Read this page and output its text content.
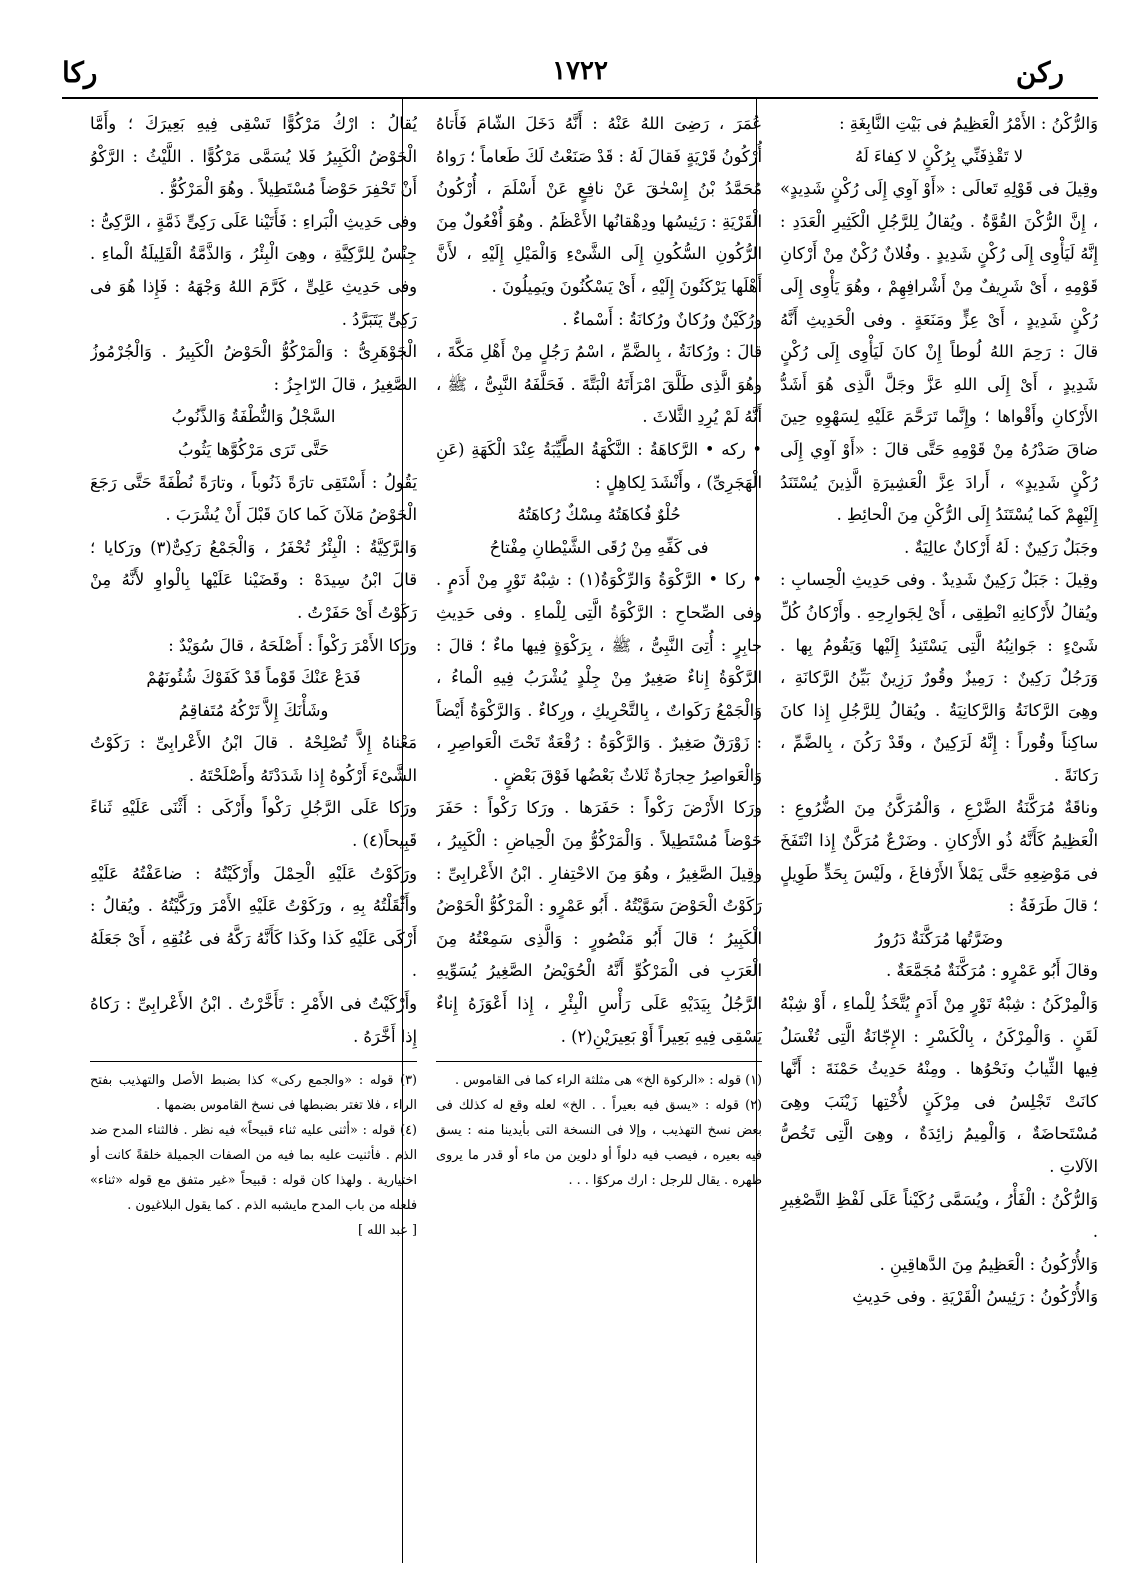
ركن
١٧٢٢
ركا

وَالرُّكْنُ : الأَمْرُ الْعَظِيمُ فى بَيْتِ النَّابِغَةِ :

لا تَقْذِفَنِّي بِرُكْنٍ لا كِفاءَ لَهُ

وقِيلَ فى قَوْلِهِ تَعالَى : «أَوْ آوِي إِلَى رُكْنٍ شَدِيدٍ» ، إِنَّ الرُّكْنَ القُوَّةُ . ويُقالُ لِلرَّجُلِ الْكَثِيرِ الْعَدَدِ : إِنَّهُ لَيَأْوِى إِلَى رُكْنٍ شَدِيدٍ . وفُلانٌ رُكْنٌ مِنْ أَرْكانِ قَوْمِهِ ، أَىْ شَرِيفٌ مِنْ أَشْرافِهِمْ ، وهُوَ يَأْوِى إِلَى رُكْنٍ شَدِيدٍ ، أَىْ عِزٍّ ومَنَعَةٍ . وفى الْحَدِيثِ أَنَّهُ قالَ : رَحِمَ اللهُ لُوطاً إِنْ كانَ لَيَأْوِى إِلَى رُكْنٍ شَدِيدٍ ، أَىْ إِلَى اللهِ عَزَّ وجَلَّ الَّذِى هُوَ أَشَدُّ الأَرْكانِ وأَقْواها ؛ وإِنَّما تَرَحَّمَ عَلَيْهِ لِسَهْوِهِ حِينَ ضاقَ صَدْرُهُ مِنْ قَوْمِهِ حَتَّى قالَ : «أَوْ آوِي إِلَى رُكْنٍ شَدِيدٍ» ، أَرادَ عِزَّ الْعَشِيرَةِ الَّذِينَ يُسْتَنَدُ إِلَيْهِمْ كَما يُسْتَنَدُ إِلَى الرُّكْنِ مِنَ الْحائِطِ .

وجَبَلٌ رَكِينٌ : لَهُ أَرْكانٌ عالِيَةٌ .

وقِيلَ : جَبَلٌ رَكِينٌ شَدِيدٌ . وفى حَدِيثِ الْحِسابِ : ويُقالُ لأَرْكانِهِ انْطِقِى ، أَىْ لِجَوارِحِهِ . وأَرْكانُ كُلِّ شَىْءٍ : جَوانِبُهُ الَّتِى يَسْتَنِدُ إِلَيْها وَيَقُومُ بِها . وَرَجُلٌ رَكِينٌ : رَمِيزٌ وقُورٌ رَزِينٌ بَيِّنُ الرَّكانَةِ ، وهِىَ الرَّكانَةُ وَالرَّكانِيَةُ . ويُقالُ لِلرَّجُلِ إِذا كانَ ساكِناً وقُوراً : إِنَّهُ لَرَكِينٌ ، وقَدْ رَكُنَ ، بِالضَّمِّ ، رَكانَةً .

وناقَةٌ مُرَكَّنَةُ الضَّرْعِ ، وَالْمُرَكَّنُ مِنَ الضُّرُوعِ : الْعَظِيمُ كَأَنَّهُ ذُو الأَرْكانِ . وضَرْعٌ مُرَكَّنٌ إِذا انْتَفَخَ فى مَوْضِعِهِ حَتَّى يَمْلأَ الأَرْفاغَ ، ولَيْسَ بِحَدٍّ طَوِيلٍ ؛ قالَ طَرَفَةُ :

وضَرَّتُها مُرَكَّنَةٌ دَرُورُ

وقالَ أَبُو عَمْرٍو : مُرَكَّنَةٌ مُجَمَّعَةٌ .

وَالْمِرْكَنُ : شِبْهُ تَوْرٍ مِنْ أَدَمٍ يُتَّخَذُ لِلْماءِ ، أَوْ شِبْهُ لَقَنٍ . وَالْمِرْكَنُ ، بِالْكَسْرِ : الإِجّانَةُ الَّتِى تُغْسَلُ فِيها الثِّيابُ ونَحْوُها . ومِنْهُ حَدِيثُ حَمْنَةَ : أَنَّها كانَتْ تَجْلِسُ فى مِرْكَنٍ لأُخْتِها زَيْنَبَ وهِىَ مُسْتَحاضَةٌ ، وَالْمِيمُ زائِدَةٌ ، وهِىَ الَّتِى تَخُصُّ الآلاتِ .

وَالرُّكْنُ : الْفَأْرُ ، ويُسَمَّى رُكَيْناً عَلَى لَفْظِ التَّصْغِيرِ .

وَالأُرْكُونُ : الْعَظِيمُ مِنَ الدَّهاقِينِ .

وَالأُرْكُونُ : رَئِيسُ الْقَرْيَةِ . وفى حَدِيثِ

عُمَرَ ، رَضِىَ اللهُ عَنْهُ : أَنَّهُ دَخَلَ الشّامَ فَأَتاهُ أُرْكُونُ قَرْيَةٍ فَقالَ لَهُ : قَدْ صَنَعْتُ لَكَ طَعاماً ؛ رَواهُ مُحَمَّدُ بْنُ إِسْحٰقَ عَنْ نافِعٍ عَنْ أَسْلَمَ ، أُرْكُونُ الْقَرْيَةِ : رَئِيسُها ودِهْقانُها الأَعْظَمُ . وهُوَ أُفْعُولٌ مِنَ الرُّكُونِ السُّكُونِ إِلَى الشَّىْءِ وَالْمَيْلِ إِلَيْهِ ، لأَنَّ أَهْلَها يَرْكَنُونَ إِلَيْهِ ، أَىْ يَسْكُنُونَ ويَمِيلُونَ .

ورُكَيْنٌ ورُكانٌ ورُكانَةُ : أَسْماءٌ .

قالَ : ورُكانَةُ ، بِالضَّمِّ ، اسْمُ رَجُلٍ مِنْ أَهْلِ مَكَّةَ ، وهُوَ الَّذِى طَلَّقَ امْرَأَتَهُ الْبَتَّةَ . فَحَلَّفَهُ النَّبِىُّ ، ﷺ ، أَنَّهُ لَمْ يُرِدِ الثَّلاثَ .

• ركه • الرَّكاهَةُ : النَّكْهَةُ الطَّيِّبَةُ عِنْدَ الْكَهَةِ (عَنِ الْهَجَرِىِّ) ، وأَنْشَدَ لِكاهِلٍ :

حُلْوٌ فُكاهَتُهُ مِسْكٌ رُكاهَتُهُ

فى كَفِّهِ مِنْ رُقَى الشَّيْطانِ مِفْتاحُ

• ركا • الرَّكْوَةُ وَالرِّكْوَةُ(١) : شِبْهُ تَوْرٍ مِنْ أَدَمٍ . وفى الصِّحاحِ : الرَّكْوَةُ الَّتِى لِلْماءِ . وفى حَدِيثِ جابِرٍ : أُتِىَ النَّبِىُّ ، ﷺ ، بِرَكْوَةٍ فِيها ماءٌ ؛ قالَ : الرَّكْوَةُ إِناءٌ صَغِيرٌ مِنْ جِلْدٍ يُشْرَبُ فِيهِ الْماءُ ، وَالْجَمْعُ رَكَواتٌ ، بِالتَّحْرِيكِ ، ورِكاءٌ . وَالرَّكْوَةُ أَيْضاً : زَوْرَقٌ صَغِيرٌ . وَالرَّكْوَةُ : رُقْعَةٌ تَحْتَ الْعَواصِرِ ، وَالْعَواصِرُ حِجارَةٌ ثَلاثٌ بَعْضُها فَوْقَ بَعْضٍ .

ورَكا الأَرْضَ رَكْواً : حَفَرَها . ورَكا رَكْواً : حَفَرَ حَوْضاً مُسْتَطِيلاً . وَالْمَرْكُوُّ مِنَ الْحِياضِ : الْكَبِيرُ ، وقِيلَ الصَّغِيرُ ، وهُوَ مِنَ الاحْتِفارِ . ابْنُ الأَعْرابِىِّ : رَكَوْتُ الْحَوْضَ سَوَّيْتُهُ . أَبُو عَمْرٍو : الْمَرْكُوُّ الْحَوْضُ الْكَبِيرُ ؛ قالَ أَبُو مَنْصُورٍ : وَالَّذِى سَمِعْتُهُ مِنَ الْعَرَبِ فى الْمَرْكُوِّ أَنَّهُ الْحُوَيْضُ الصَّغِيرُ يُسَوِّيهِ الرَّجُلُ بِيَدَيْهِ عَلَى رَأْسِ الْبِئْرِ ، إِذا أَعْوَزَهُ إِناءٌ يَسْقِى فِيهِ بَعِيراً أَوْ بَعِيرَيْنِ(٢) .

(١) قوله : «الركوة الخ» هى مثلثة الراء كما فى القاموس .

(٢) قوله : «يسق فيه بعيراً . . الخ» لعله وقع له كذلك فى بعض نسخ التهذيب ، وإلا فى النسخة التى بأيدينا منه : يسق فيه بعيره ، فيصب فيه دلواً أو دلوين من ماء أو قدر ما يروى ظهره . يقال للرجل : ارك مركوًا . . .

يُقالُ : ارْكُ مَرْكُوًّا تَسْقِى فِيهِ بَعِيرَكَ ؛ وأَمَّا الْحَوْضُ الْكَبِيرُ فَلا يُسَمَّى مَرْكُوًّا . اللَّيْثُ : الرَّكْوُ أَنْ تَحْفِرَ حَوْضاً مُسْتَطِيلاً . وهُوَ الْمَرْكُوُّ .

وفى حَدِيثِ الْبَراءِ : فَأَتَيْنا عَلَى رَكِىٍّ ذَمَّةٍ ، الرَّكِىُّ : جِنْسٌ لِلرَّكِيَّةِ ، وهِىَ الْبِئْرُ ، وَالذَّمَّةُ الْقَلِيلَةُ الْماءِ . وفى حَدِيثِ عَلِىٍّ ، كَرَّمَ اللهُ وَجْهَهُ : فَإِذا هُوَ فى رَكِىٍّ يَتَبَرَّدُ .

الْجَوْهَرِىُّ : وَالْمَرْكُوُّ الْحَوْضُ الْكَبِيرُ . وَالْجُرْمُوزُ الصَّغِيرُ ، قالَ الرّاجِزُ :

السَّجْلُ وَالنُّطْفَةُ وَالذَّنُوبُ

حَتَّى تَرَى مَرْكُوَّها يَثُوبُ

يَقُولُ : أَسْتَقِى تارَةً ذَنُوباً ، وتارَةً نُطْفَةً حَتَّى رَجَعَ الْحَوْضُ مَلآنَ كَما كانَ قَبْلَ أَنْ يُشْرَبَ .

وَالرَّكِيَّةُ : الْبِئْرُ تُحْفَرُ ، وَالْجَمْعُ رَكِىٌّ(٣) ورَكايا ؛ قالَ ابْنُ سِيدَهْ : وقَضَيْنا عَلَيْها بِالْواوِ لأَنَّهُ مِنْ رَكَوْتُ أَىْ حَفَرْتُ .

ورَكا الأَمْرَ رَكْواً : أَصْلَحَهُ ، قالَ سُوَيْدٌ :

فَدَعْ عَنْكَ قَوْماً قَدْ كَفَوْكَ شُئُونَهُمْ

وشَأْنَكَ إِلاَّ تَرْكُهُ مُتَفاقِمُ

مَعْناهُ إِلاَّ تُصْلِحْهُ . قالَ ابْنُ الأَعْرابِىِّ : رَكَوْتُ الشَّىْءَ أَرْكُوهُ إِذا شَدَدْتَهُ وأَصْلَحْتَهُ .

ورَكا عَلَى الرَّجُلِ رَكْواً وأَرْكَى : أَثْنَى عَلَيْهِ ثَناءً قَبِيحاً(٤) .

ورَكَوْتُ عَلَيْهِ الْحِمْلَ وأَرْكَيْتُهُ : ضاعَفْتُهُ عَلَيْهِ وأَثْقَلْتُهُ بِهِ ، ورَكَوْتُ عَلَيْهِ الأَمْرَ ورَكَّيْتُهُ . ويُقالُ : أَرْكَى عَلَيْهِ كَذا وكَذا كَأَنَّهُ رَكَّهُ فى عُنُقِهِ ، أَىْ جَعَلَهُ .

وأَرْكَيْتُ فى الأَمْرِ : تَأَخَّرْتُ . ابْنُ الأَعْرابِىِّ : رَكاهُ إِذا أَخَّرَهُ .

(٣) قوله : «والجمع ركى» كذا بضبط الأصل والتهذيب بفتح الراء ، فلا تغتر بضبطها فى نسخ القاموس بضمها .

(٤) قوله : «أثنى عليه ثناء قبيحاً» فيه نظر . فالثناء المدح ضد الذم . فأثنيت عليه بما فيه من الصفات الجميلة خلقةً كانت أو اختيارية . ولهذا كان قوله : قبيحاً «غير متفق مع قوله «ثناء» فلعله من باب المدح مايشبه الذم . كما يقول البلاغيون .

[ عبد الله ]
